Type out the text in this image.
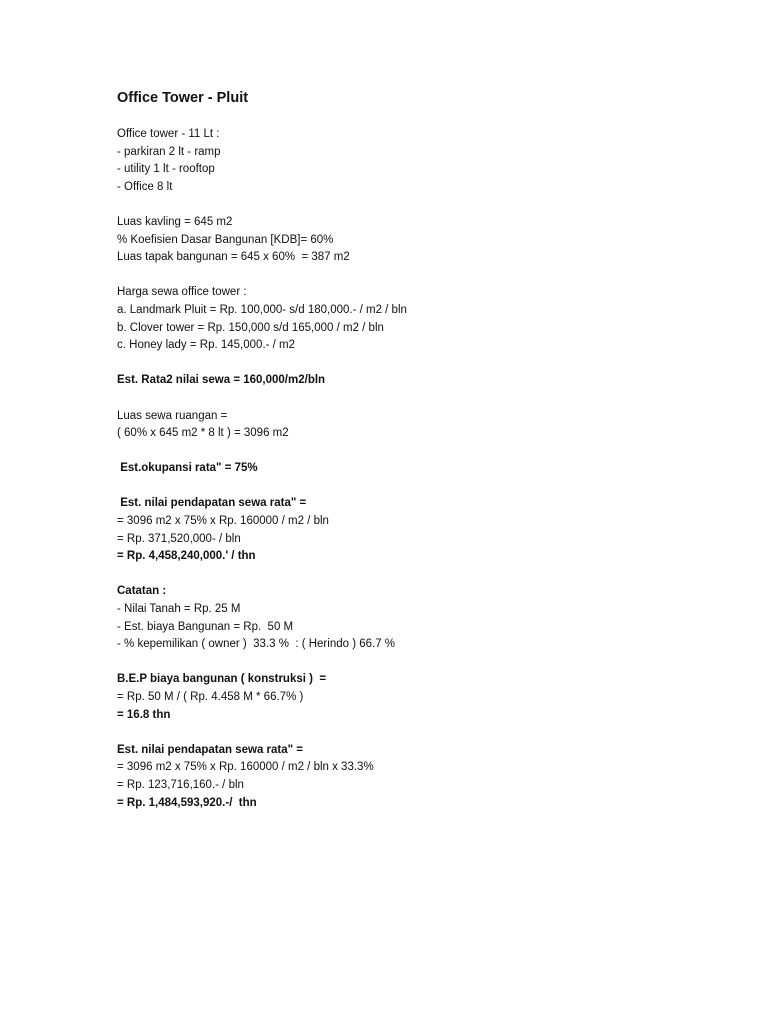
Office Tower - Pluit
Office tower - 11 Lt :
- parkiran 2 lt - ramp
- utility 1 lt - rooftop
- Office 8 lt
Luas kavling = 645 m2
% Koefisien Dasar Bangunan [KDB]= 60%
Luas tapak bangunan = 645 x 60%  = 387 m2
Harga sewa office tower :
a. Landmark Pluit = Rp. 100,000- s/d 180,000.- / m2 / bln
b. Clover tower = Rp. 150,000 s/d 165,000 / m2 / bln
c. Honey lady = Rp. 145,000.- / m2
Est. Rata2 nilai sewa = 160,000/m2/bln
Luas sewa ruangan =
( 60% x 645 m2 * 8 lt ) = 3096 m2
Est.okupansi rata" = 75%
Est. nilai pendapatan sewa rata" =
= 3096 m2 x 75% x Rp. 160000 / m2 / bln
= Rp. 371,520,000- / bln
= Rp. 4,458,240,000.' / thn
Catatan :
- Nilai Tanah = Rp. 25 M
- Est. biaya Bangunan = Rp.  50 M
- % kepemilikan ( owner )  33.3 %  : ( Herindo ) 66.7 %
B.E.P biaya bangunan ( konstruksi )  =
= Rp. 50 M / ( Rp. 4.458 M * 66.7% )
= 16.8 thn
Est. nilai pendapatan sewa rata" =
= 3096 m2 x 75% x Rp. 160000 / m2 / bln x 33.3%
= Rp. 123,716,160.- / bln
= Rp. 1,484,593,920.-/  thn
